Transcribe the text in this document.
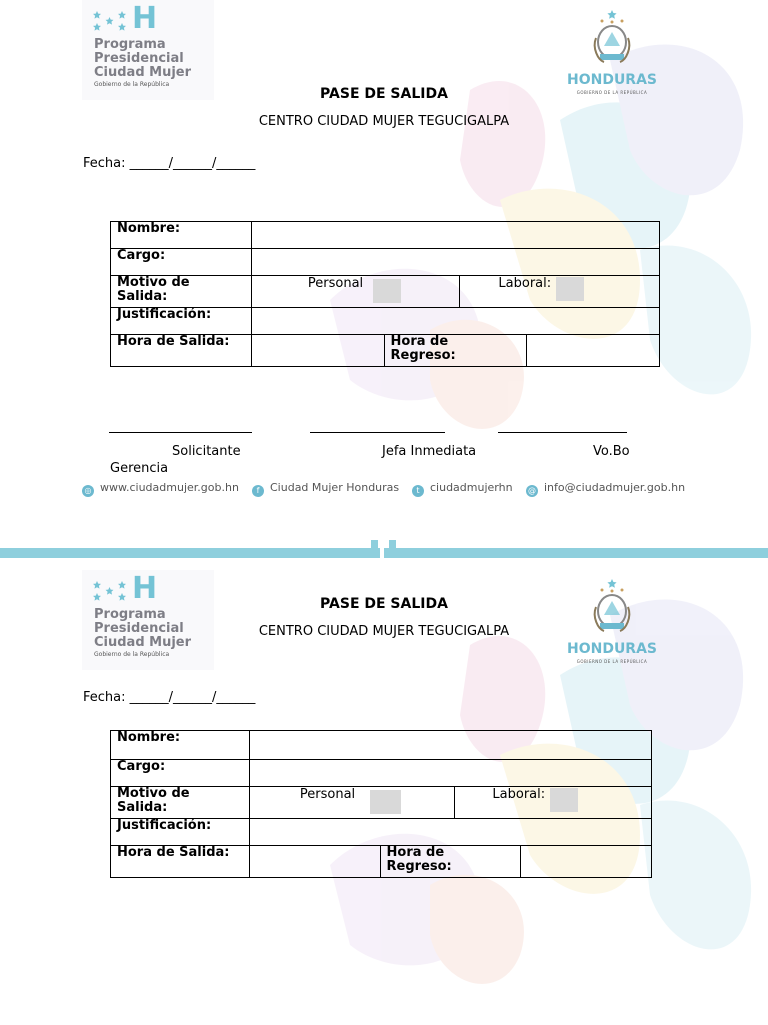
H
Programa
Presidencial
Ciudad Mujer
Gobierno de la República	HONDURAS
GOBIERNO DE LA REPÚBLICA
PASE DE SALIDA
CENTRO CIUDAD MUJER TEGUCIGALPA
Fecha: ______/______/______
Nombre:				
Cargo:				

Motivo de
Salida:	Personal		Laboral:	

Justificación:				
Hora de Salida:		Hora de
Regreso:		

Solicitante	Jefa Inmediata	Vo.Bo
Gerencia
◎ www.ciudadmujer.gob.hn	f Ciudad Mujer Honduras	t ciudadmujerhn @ info@ciudadmujer.gob.hn
H
Programa
Presidencial
Ciudad Mujer
Gobierno de la República	HONDURAS
GOBIERNO DE LA REPÚBLICA
PASE DE SALIDA
CENTRO CIUDAD MUJER TEGUCIGALPA
Fecha: ______/______/______
Nombre:				
Cargo:				

Motivo de
Salida:	Personal		Laboral:	

Justificación:				
Hora de Salida:		Hora de
Regreso:		
